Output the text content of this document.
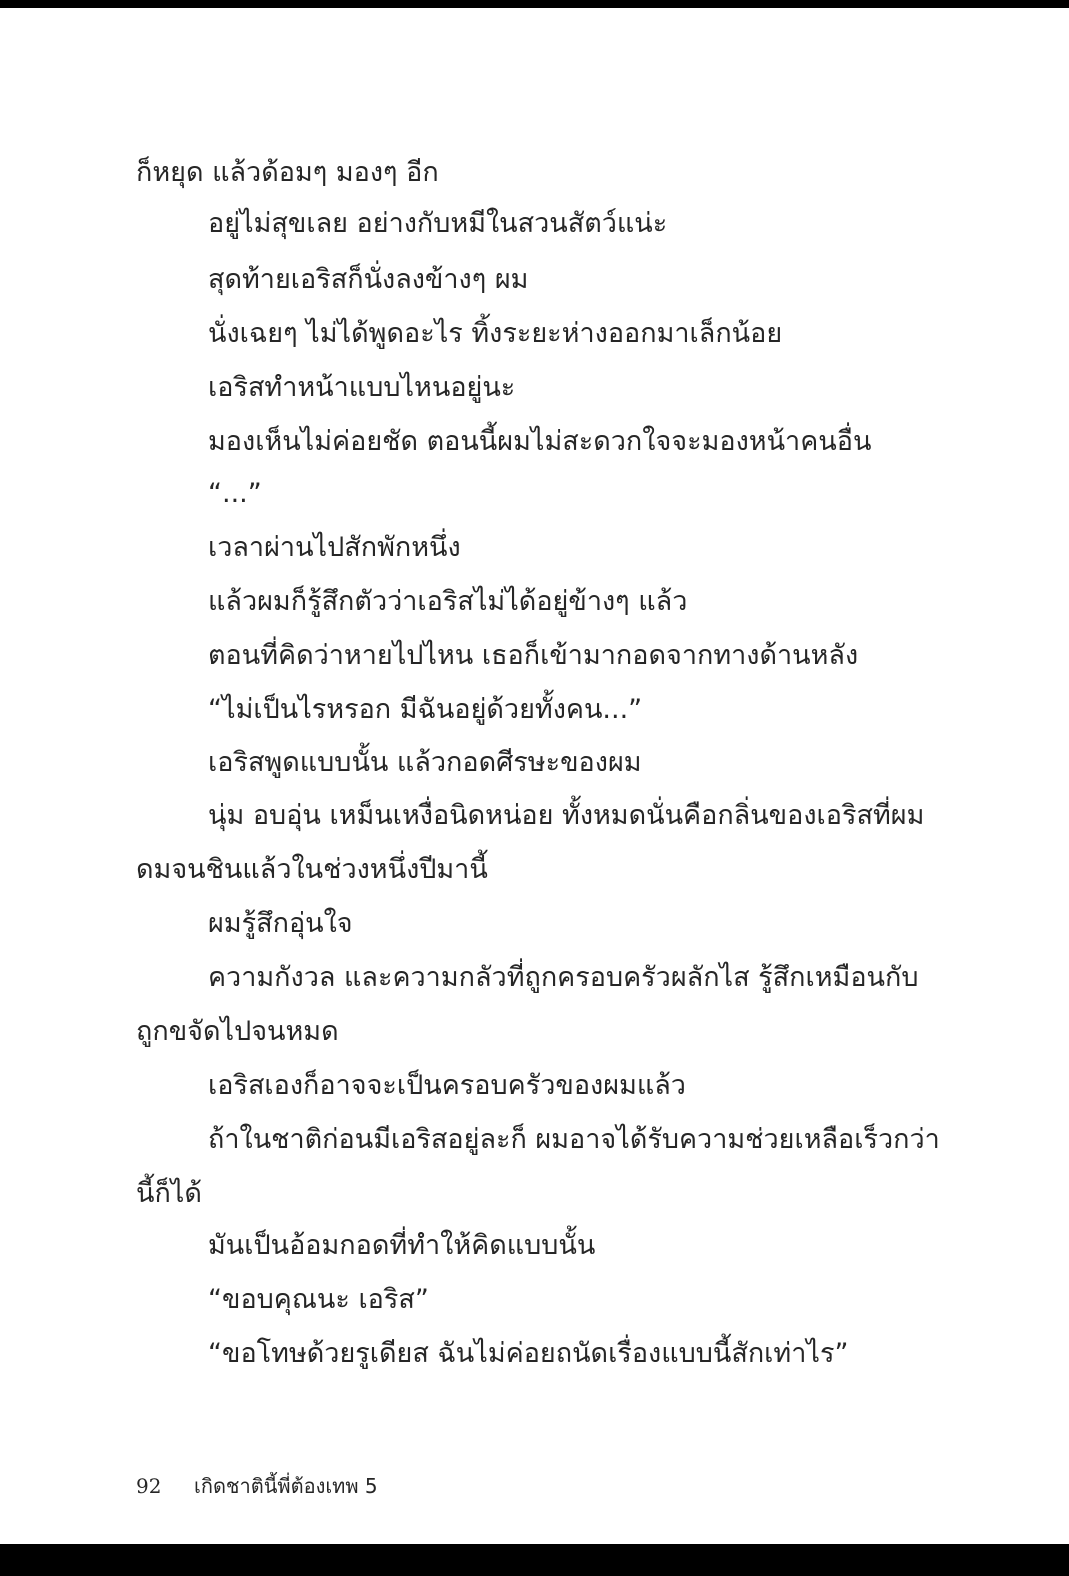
ก็หยุด แล้วด้อมๆ มองๆ อีก
อยู่ไม่สุขเลย อย่างกับหมีในสวนสัตว์แน่ะ
สุดท้ายเอริสก็นั่งลงข้างๆ ผม
นั่งเฉยๆ ไม่ได้พูดอะไร ทิ้งระยะห่างออกมาเล็กน้อย
เอริสทำหน้าแบบไหนอยู่นะ
มองเห็นไม่ค่อยชัด ตอนนี้ผมไม่สะดวกใจจะมองหน้าคนอื่น
“...”
เวลาผ่านไปสักพักหนึ่ง
แล้วผมก็รู้สึกตัวว่าเอริสไม่ได้อยู่ข้างๆ แล้ว
ตอนที่คิดว่าหายไปไหน เธอก็เข้ามากอดจากทางด้านหลัง
“ไม่เป็นไรหรอก มีฉันอยู่ด้วยทั้งคน...”
เอริสพูดแบบนั้น แล้วกอดศีรษะของผม
นุ่ม อบอุ่น เหม็นเหงื่อนิดหน่อย ทั้งหมดนั่นคือกลิ่นของเอริสที่ผม
ดมจนชินแล้วในช่วงหนึ่งปีมานี้
ผมรู้สึกอุ่นใจ
ความกังวล และความกลัวที่ถูกครอบครัวผลักไส รู้สึกเหมือนกับ
ถูกขจัดไปจนหมด
เอริสเองก็อาจจะเป็นครอบครัวของผมแล้ว
ถ้าในชาติก่อนมีเอริสอยู่ละก็ ผมอาจได้รับความช่วยเหลือเร็วกว่า
นี้ก็ได้
มันเป็นอ้อมกอดที่ทำให้คิดแบบนั้น
“ขอบคุณนะ เอริส”
“ขอโทษด้วยรูเดียส ฉันไม่ค่อยถนัดเรื่องแบบนี้สักเท่าไร”
92 เกิดชาตินี้พี่ต้องเทพ 5
